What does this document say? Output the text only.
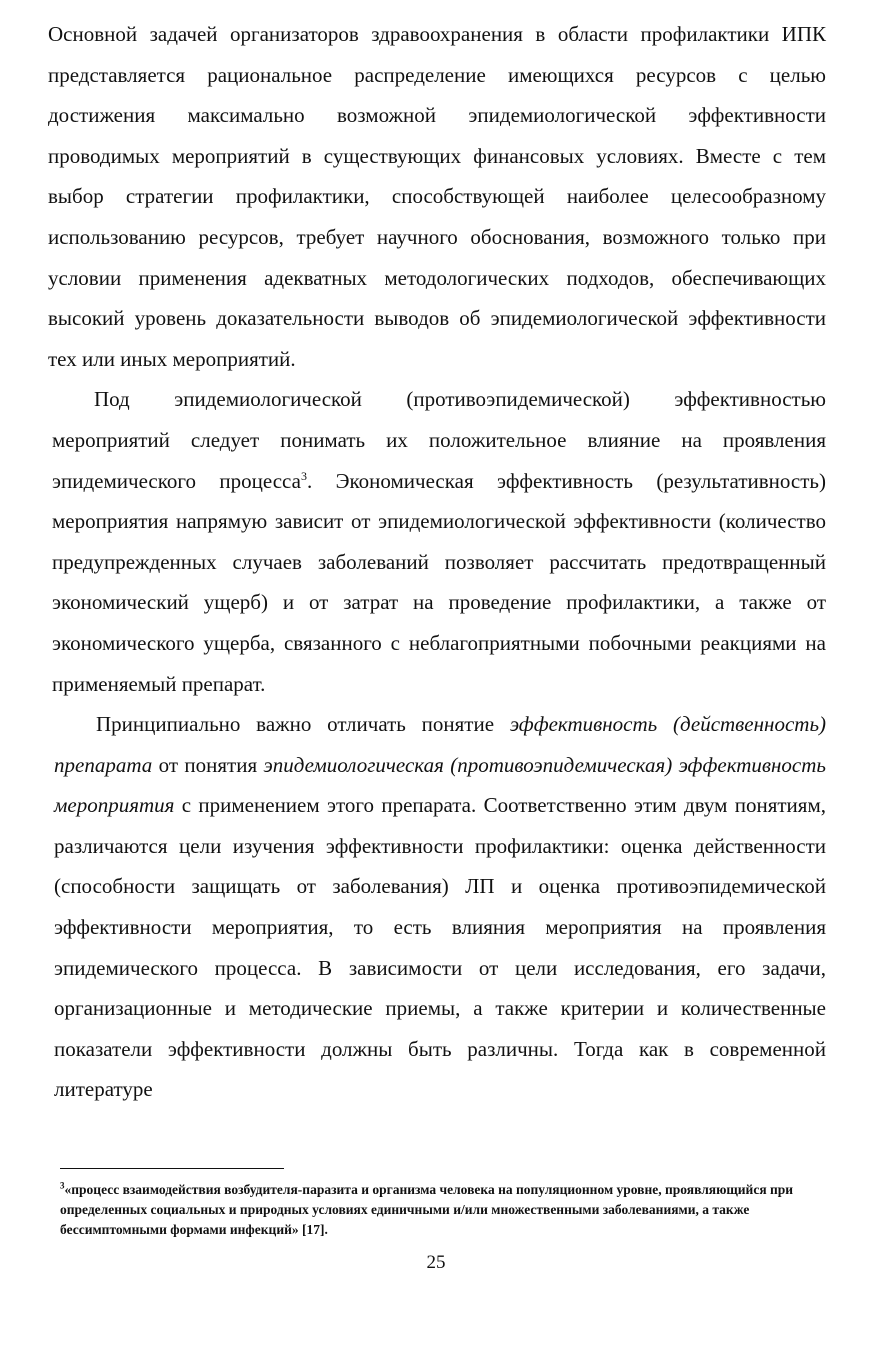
Основной задачей организаторов здравоохранения в области профилактики ИПК представляется рациональное распределение имеющихся ресурсов с целью достижения максимально возможной эпидемиологической эффективности проводимых мероприятий в существующих финансовых условиях. Вместе с тем выбор стратегии профилактики, способствующей наиболее целесообразному использованию ресурсов, требует научного обоснования, возможного только при условии применения адекватных методологических подходов, обеспечивающих высокий уровень доказательности выводов об эпидемиологической эффективности тех или иных мероприятий.

Под эпидемиологической (противоэпидемической) эффективностью мероприятий следует понимать их положительное влияние на проявления эпидемического процесса$^3$. Экономическая эффективность (результативность) мероприятия напрямую зависит от эпидемиологической эффективности (количество предупрежденных случаев заболеваний позволяет рассчитать предотвращенный экономический ущерб) и от затрат на проведение профилактики, а также от экономического ущерба, связанного с неблагоприятными побочными реакциями на применяемый препарат.

Принципиально важно отличать понятие эффективность (действенность) препарата от понятия эпидемиологическая (противоэпидемическая) эффективность мероприятия с применением этого препарата. Соответственно этим двум понятиям, различаются цели изучения эффективности профилактики: оценка действенности (способности защищать от заболевания) ЛП и оценка противоэпидемической эффективности мероприятия, то есть влияния мероприятия на проявления эпидемического процесса. В зависимости от цели исследования, его задачи, организационные и методические приемы, а также критерии и количественные показатели эффективности должны быть различны. Тогда как в современной литературе

$^3$«процесс взаимодействия возбудителя-паразита и организма человека на популяционном уровне, проявляющийся при определенных социальных и природных условиях единичными и/или множественными заболеваниями, а также бессимптомными формами инфекций» [17].

25
